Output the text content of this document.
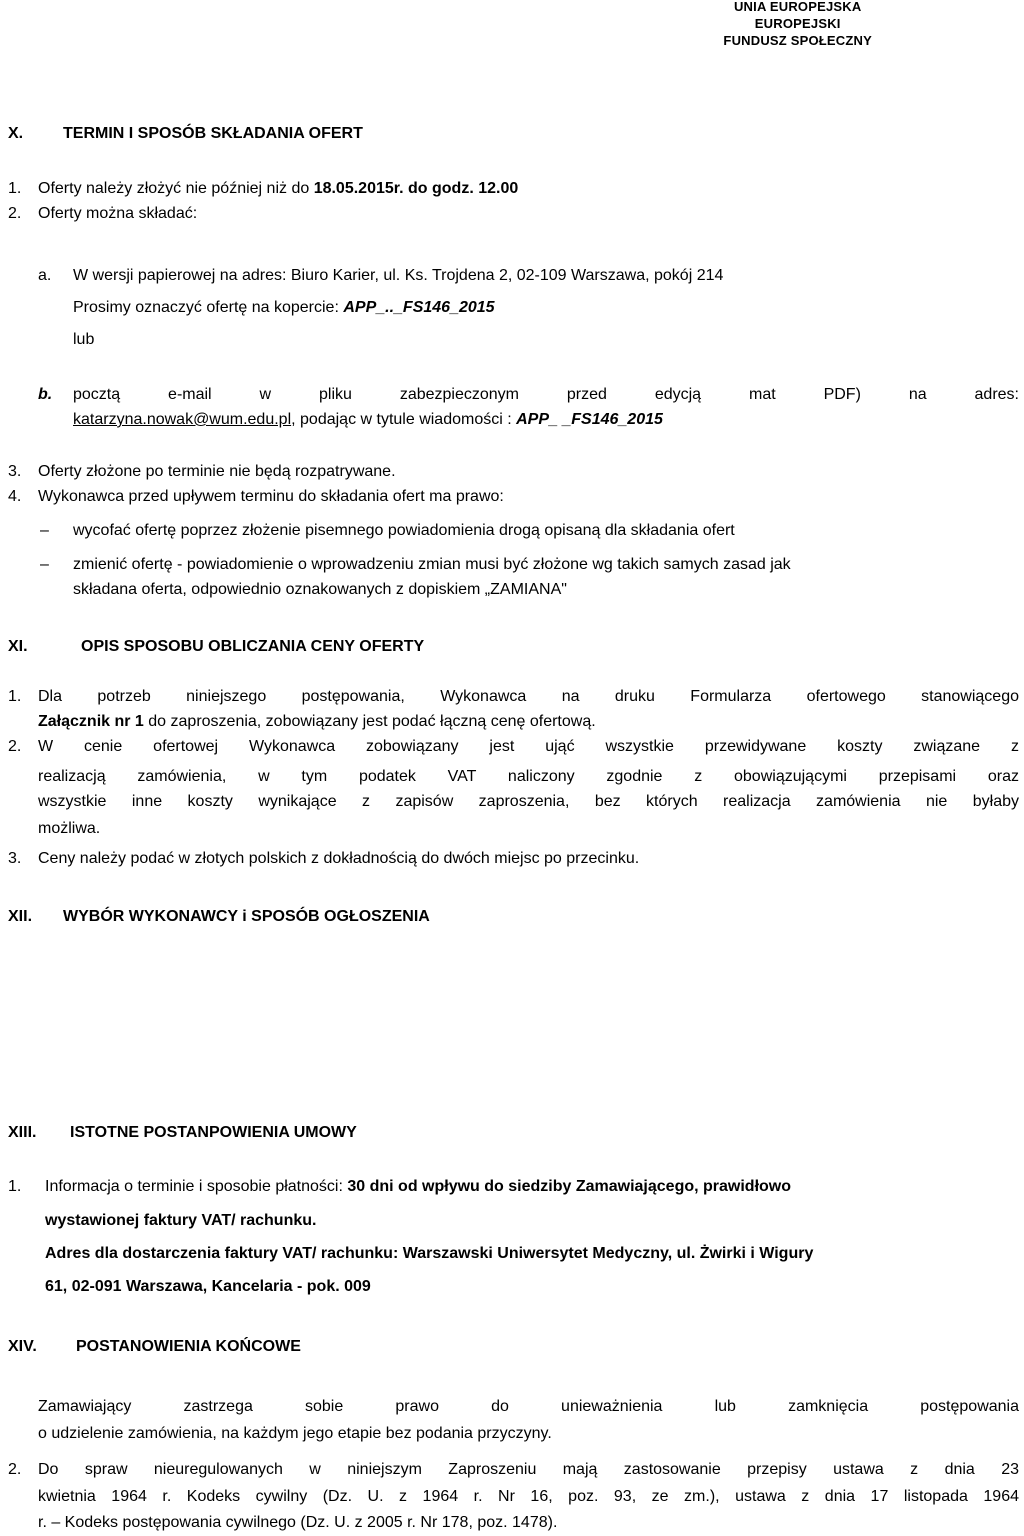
UNIA EUROPEJSKA
EUROPEJSKI
FUNDUSZ SPOŁECZNY
X. TERMIN I SPOSÓB SKŁADANIA OFERT
1. Oferty należy złożyć nie później niż do 18.05.2015r. do godz. 12.00
2. Oferty można składać:
a. W wersji papierowej na adres: Biuro Karier, ul. Ks. Trojdena 2, 02-109 Warszawa, pokój 214
Prosimy oznaczyć ofertę na kopercie: APP_.._FS146_2015
lub
b. pocztą e-mail w pliku zabezpieczonym przed edycją mat PDF) na adres:
katarzyna.nowak@wum.edu.pl, podając w tytule wiadomości : APP_ _FS146_2015
3. Oferty złożone po terminie nie będą rozpatrywane.
4. Wykonawca przed upływem terminu do składania ofert ma prawo:
– wycofać ofertę poprzez złożenie pisemnego powiadomienia drogą opisaną dla składania ofert
– zmienić ofertę - powiadomienie o wprowadzeniu zmian musi być złożone wg takich samych zasad jak
składana oferta, odpowiednio oznakowanych z dopiskiem „ZAMIANA"
XI.	OPIS SPOSOBU OBLICZANIA CENY OFERTY
1. Dla potrzeb niniejszego postępowania, Wykonawca na druku Formularza ofertowego stanowiącego
Załącznik nr 1 do zaproszenia, zobowiązany jest podać łączną cenę ofertową.
2. W cenie ofertowej Wykonawca zobowiązany jest ująć wszystkie przewidywane koszty związane z
realizacją zamówienia, w tym podatek VAT naliczony zgodnie z obowiązującymi przepisami oraz
wszystkie inne koszty wynikające z zapisów zaproszenia, bez których realizacja zamówienia nie byłaby
możliwa.
3. Ceny należy podać w złotych polskich z dokładnością do dwóch miejsc po przecinku.
XII. WYBÓR WYKONAWCY i SPOSÓB OGŁOSZENIA
XIII. ISTOTNE POSTANPOWIENIA UMOWY
1. Informacja o terminie i sposobie płatności: 30 dni od wpływu do siedziby Zamawiającego, prawidłowo
wystawionej faktury VAT/ rachunku.
Adres dla dostarczenia faktury VAT/ rachunku: Warszawski Uniwersytet Medyczny, ul. Żwirki i Wigury
61, 02-091 Warszawa, Kancelaria - pok. 009
XIV. POSTANOWIENIA KOŃCOWE
Zamawiający zastrzega sobie prawo do unieważnienia lub zamknięcia postępowania
o udzielenie zamówienia, na każdym jego etapie bez podania przyczyny.
2. Do spraw nieuregulowanych w niniejszym Zaproszeniu mają zastosowanie przepisy ustawa z dnia 23
kwietnia 1964 r. Kodeks cywilny (Dz. U. z 1964 r. Nr 16, poz. 93, ze zm.), ustawa z dnia 17 listopada 1964
r. – Kodeks postępowania cywilnego (Dz. U. z 2005 r. Nr 178, poz. 1478).
